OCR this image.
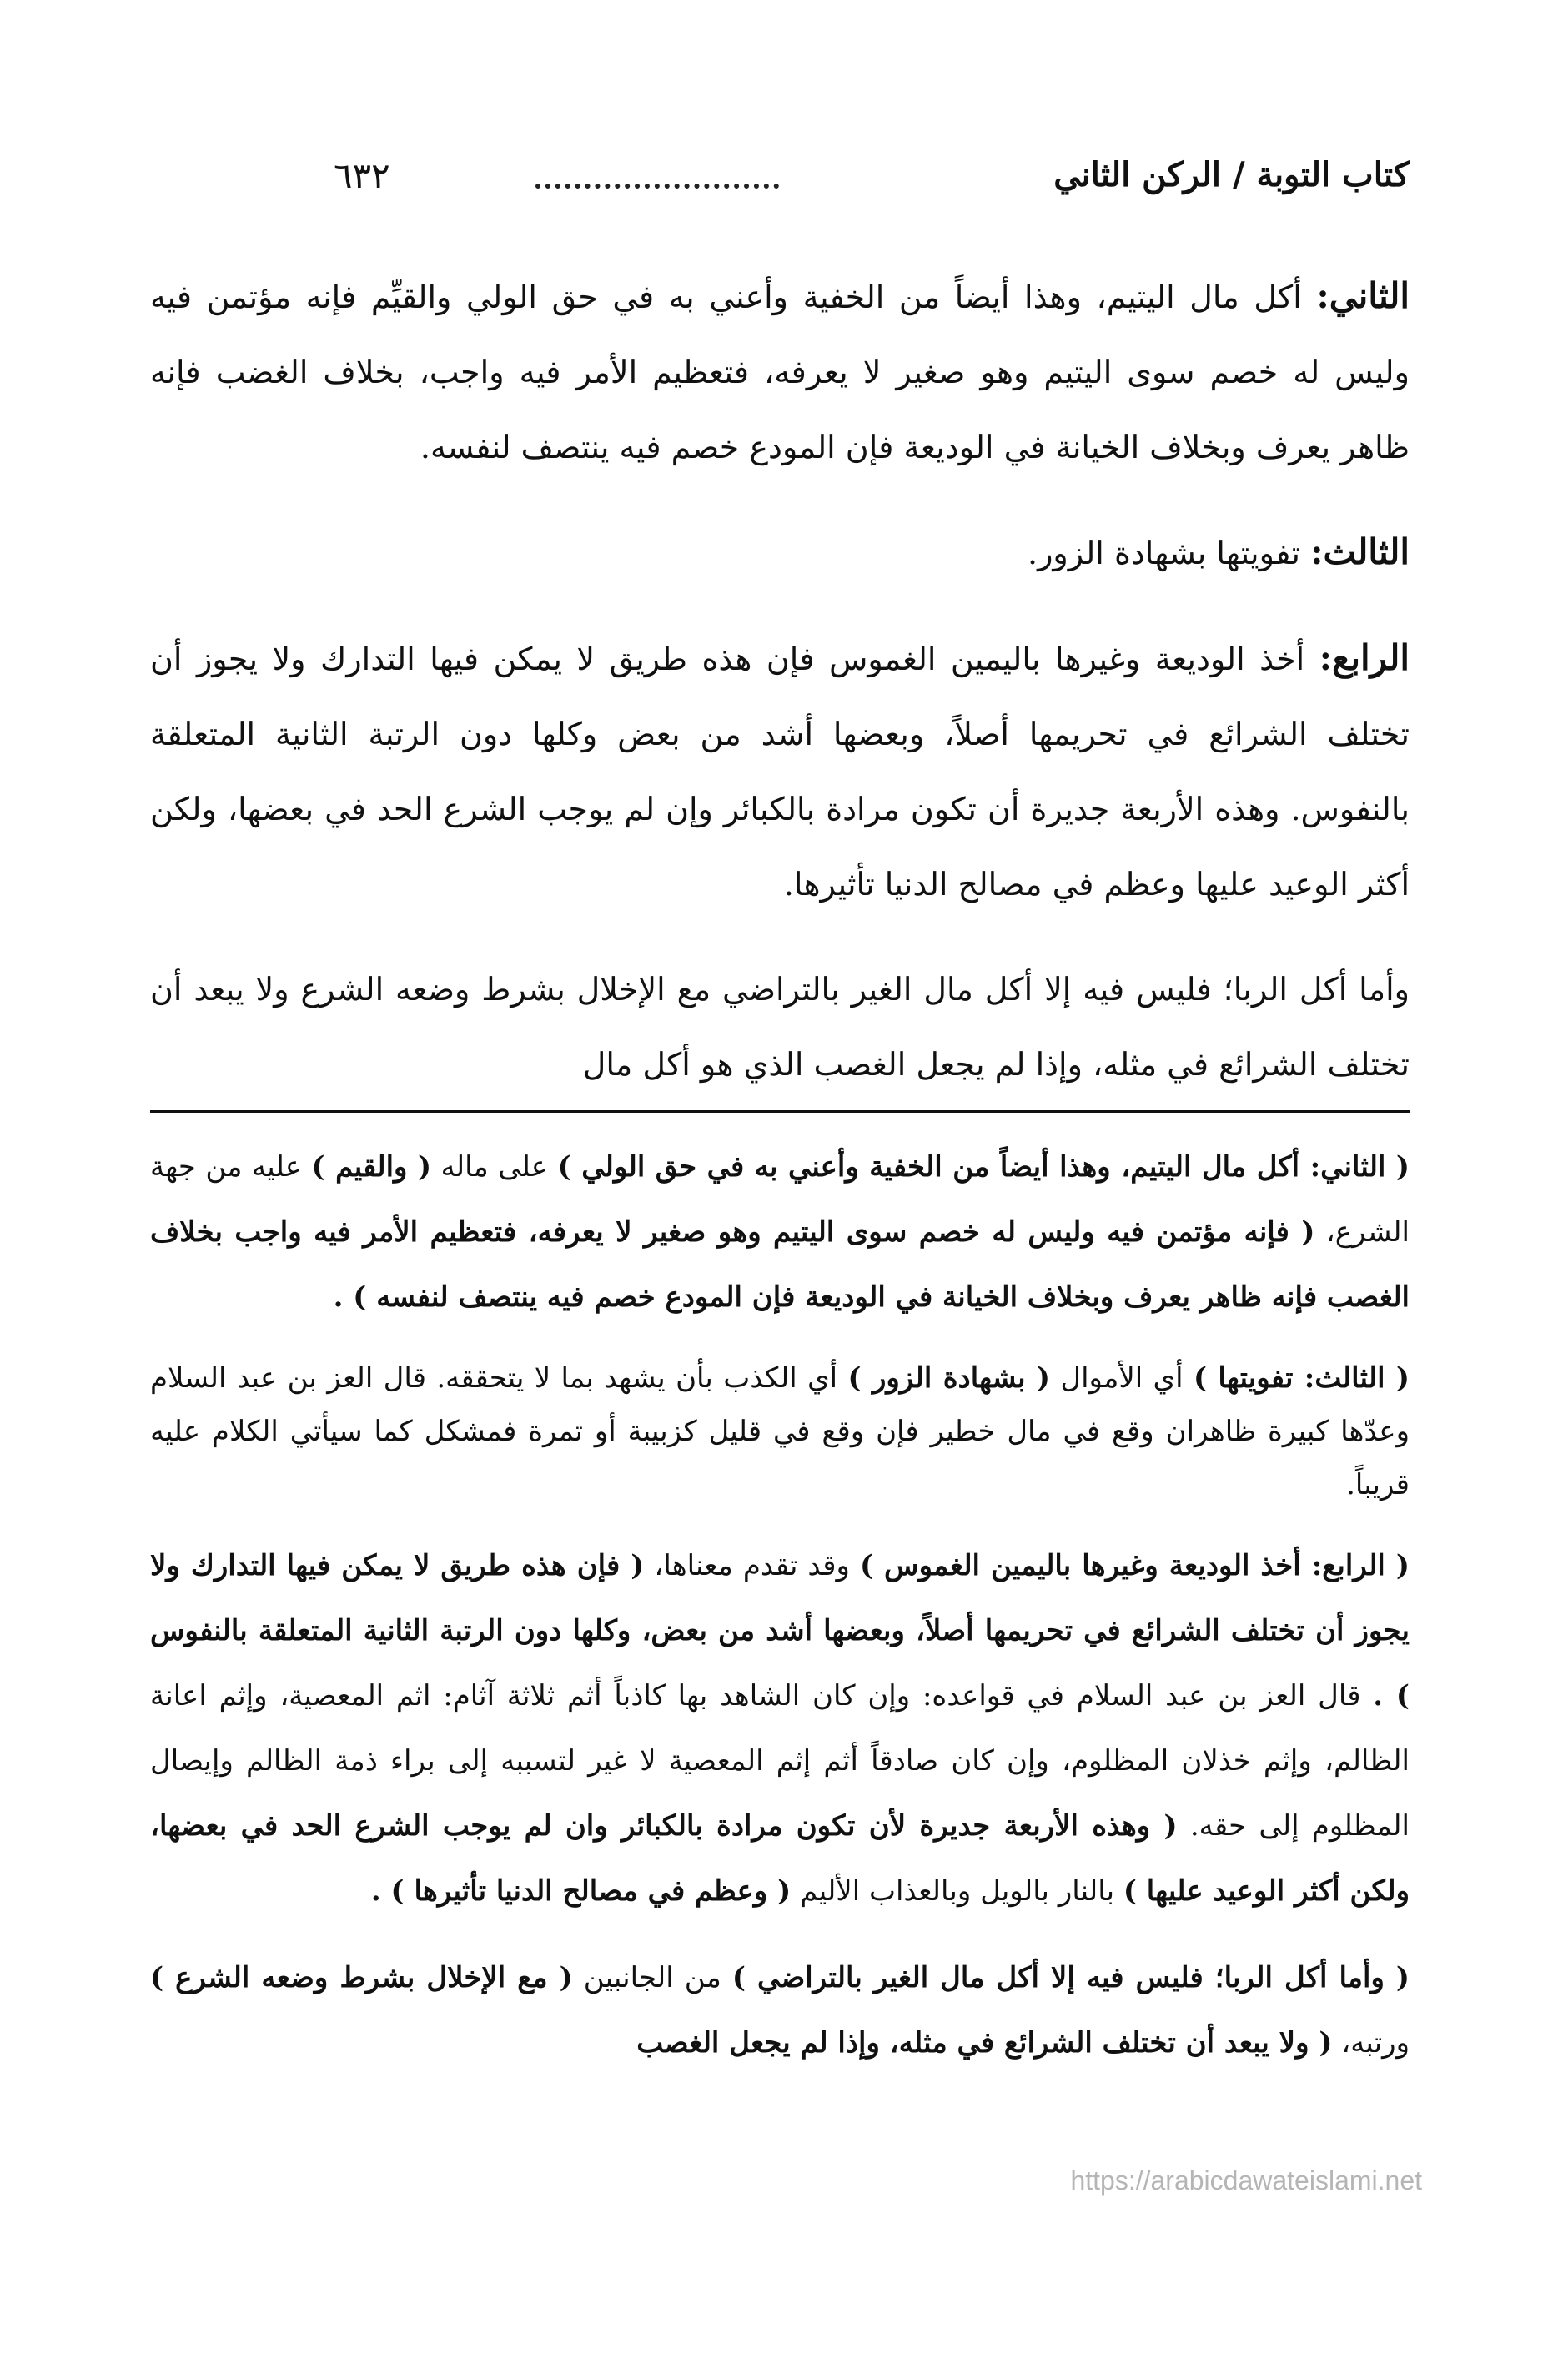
٦٣٢	كتاب التوبة / الركن الثاني

الثاني: أكل مال اليتيم، وهذا أيضاً من الخفية وأعني به في حق الولي والقيِّم فإنه مؤتمن فيه وليس له خصم سوى اليتيم وهو صغير لا يعرفه، فتعظيم الأمر فيه واجب، بخلاف الغضب فإنه ظاهر يعرف وبخلاف الخيانة في الوديعة فإن المودع خصم فيه ينتصف لنفسه.

الثالث: تفويتها بشهادة الزور.

الرابع: أخذ الوديعة وغيرها باليمين الغموس فإن هذه طريق لا يمكن فيها التدارك ولا يجوز أن تختلف الشرائع في تحريمها أصلاً، وبعضها أشد من بعض وكلها دون الرتبة الثانية المتعلقة بالنفوس. وهذه الأربعة جديرة أن تكون مرادة بالكبائر وإن لم يوجب الشرع الحد في بعضها، ولكن أكثر الوعيد عليها وعظم في مصالح الدنيا تأثيرها.

وأما أكل الربا؛ فليس فيه إلا أكل مال الغير بالتراضي مع الإخلال بشرط وضعه الشرع ولا يبعد أن تختلف الشرائع في مثله، وإذا لم يجعل الغصب الذي هو أكل مال

( الثاني: أكل مال اليتيم، وهذا أيضاً من الخفية وأعني به في حق الولي ) على ماله ( والقيم ) عليه من جهة الشرع، ( فإنه مؤتمن فيه وليس له خصم سوى اليتيم وهو صغير لا يعرفه، فتعظيم الأمر فيه واجب بخلاف الغصب فإنه ظاهر يعرف وبخلاف الخيانة في الوديعة فإن المودع خصم فيه ينتصف لنفسه ) .

( الثالث: تفويتها ) أي الأموال ( بشهادة الزور ) أي الكذب بأن يشهد بما لا يتحققه. قال العز بن عبد السلام وعدّها كبيرة ظاهران وقع في مال خطير فإن وقع في قليل كزبيبة أو تمرة فمشكل كما سيأتي الكلام عليه قريباً.

( الرابع: أخذ الوديعة وغيرها باليمين الغموس ) وقد تقدم معناها، ( فإن هذه طريق لا يمكن فيها التدارك ولا يجوز أن تختلف الشرائع في تحريمها أصلاً، وبعضها أشد من بعض، وكلها دون الرتبة الثانية المتعلقة بالنفوس ) . قال العز بن عبد السلام في قواعده: وإن كان الشاهد بها كاذباً أثم ثلاثة آثام: اثم المعصية، وإثم اعانة الظالم، وإثم خذلان المظلوم، وإن كان صادقاً أثم إثم المعصية لا غير لتسببه إلى براء ذمة الظالم وإيصال المظلوم إلى حقه. ( وهذه الأربعة جديرة لأن تكون مرادة بالكبائر وان لم يوجب الشرع الحد في بعضها، ولكن أكثر الوعيد عليها ) بالنار بالويل وبالعذاب الأليم ( وعظم في مصالح الدنيا تأثيرها ) .

( وأما أكل الربا؛ فليس فيه إلا أكل مال الغير بالتراضي ) من الجانبين ( مع الإخلال بشرط وضعه الشرع ) ورتبه، ( ولا يبعد أن تختلف الشرائع في مثله، وإذا لم يجعل الغصب

https://arabicdawateislami.net
